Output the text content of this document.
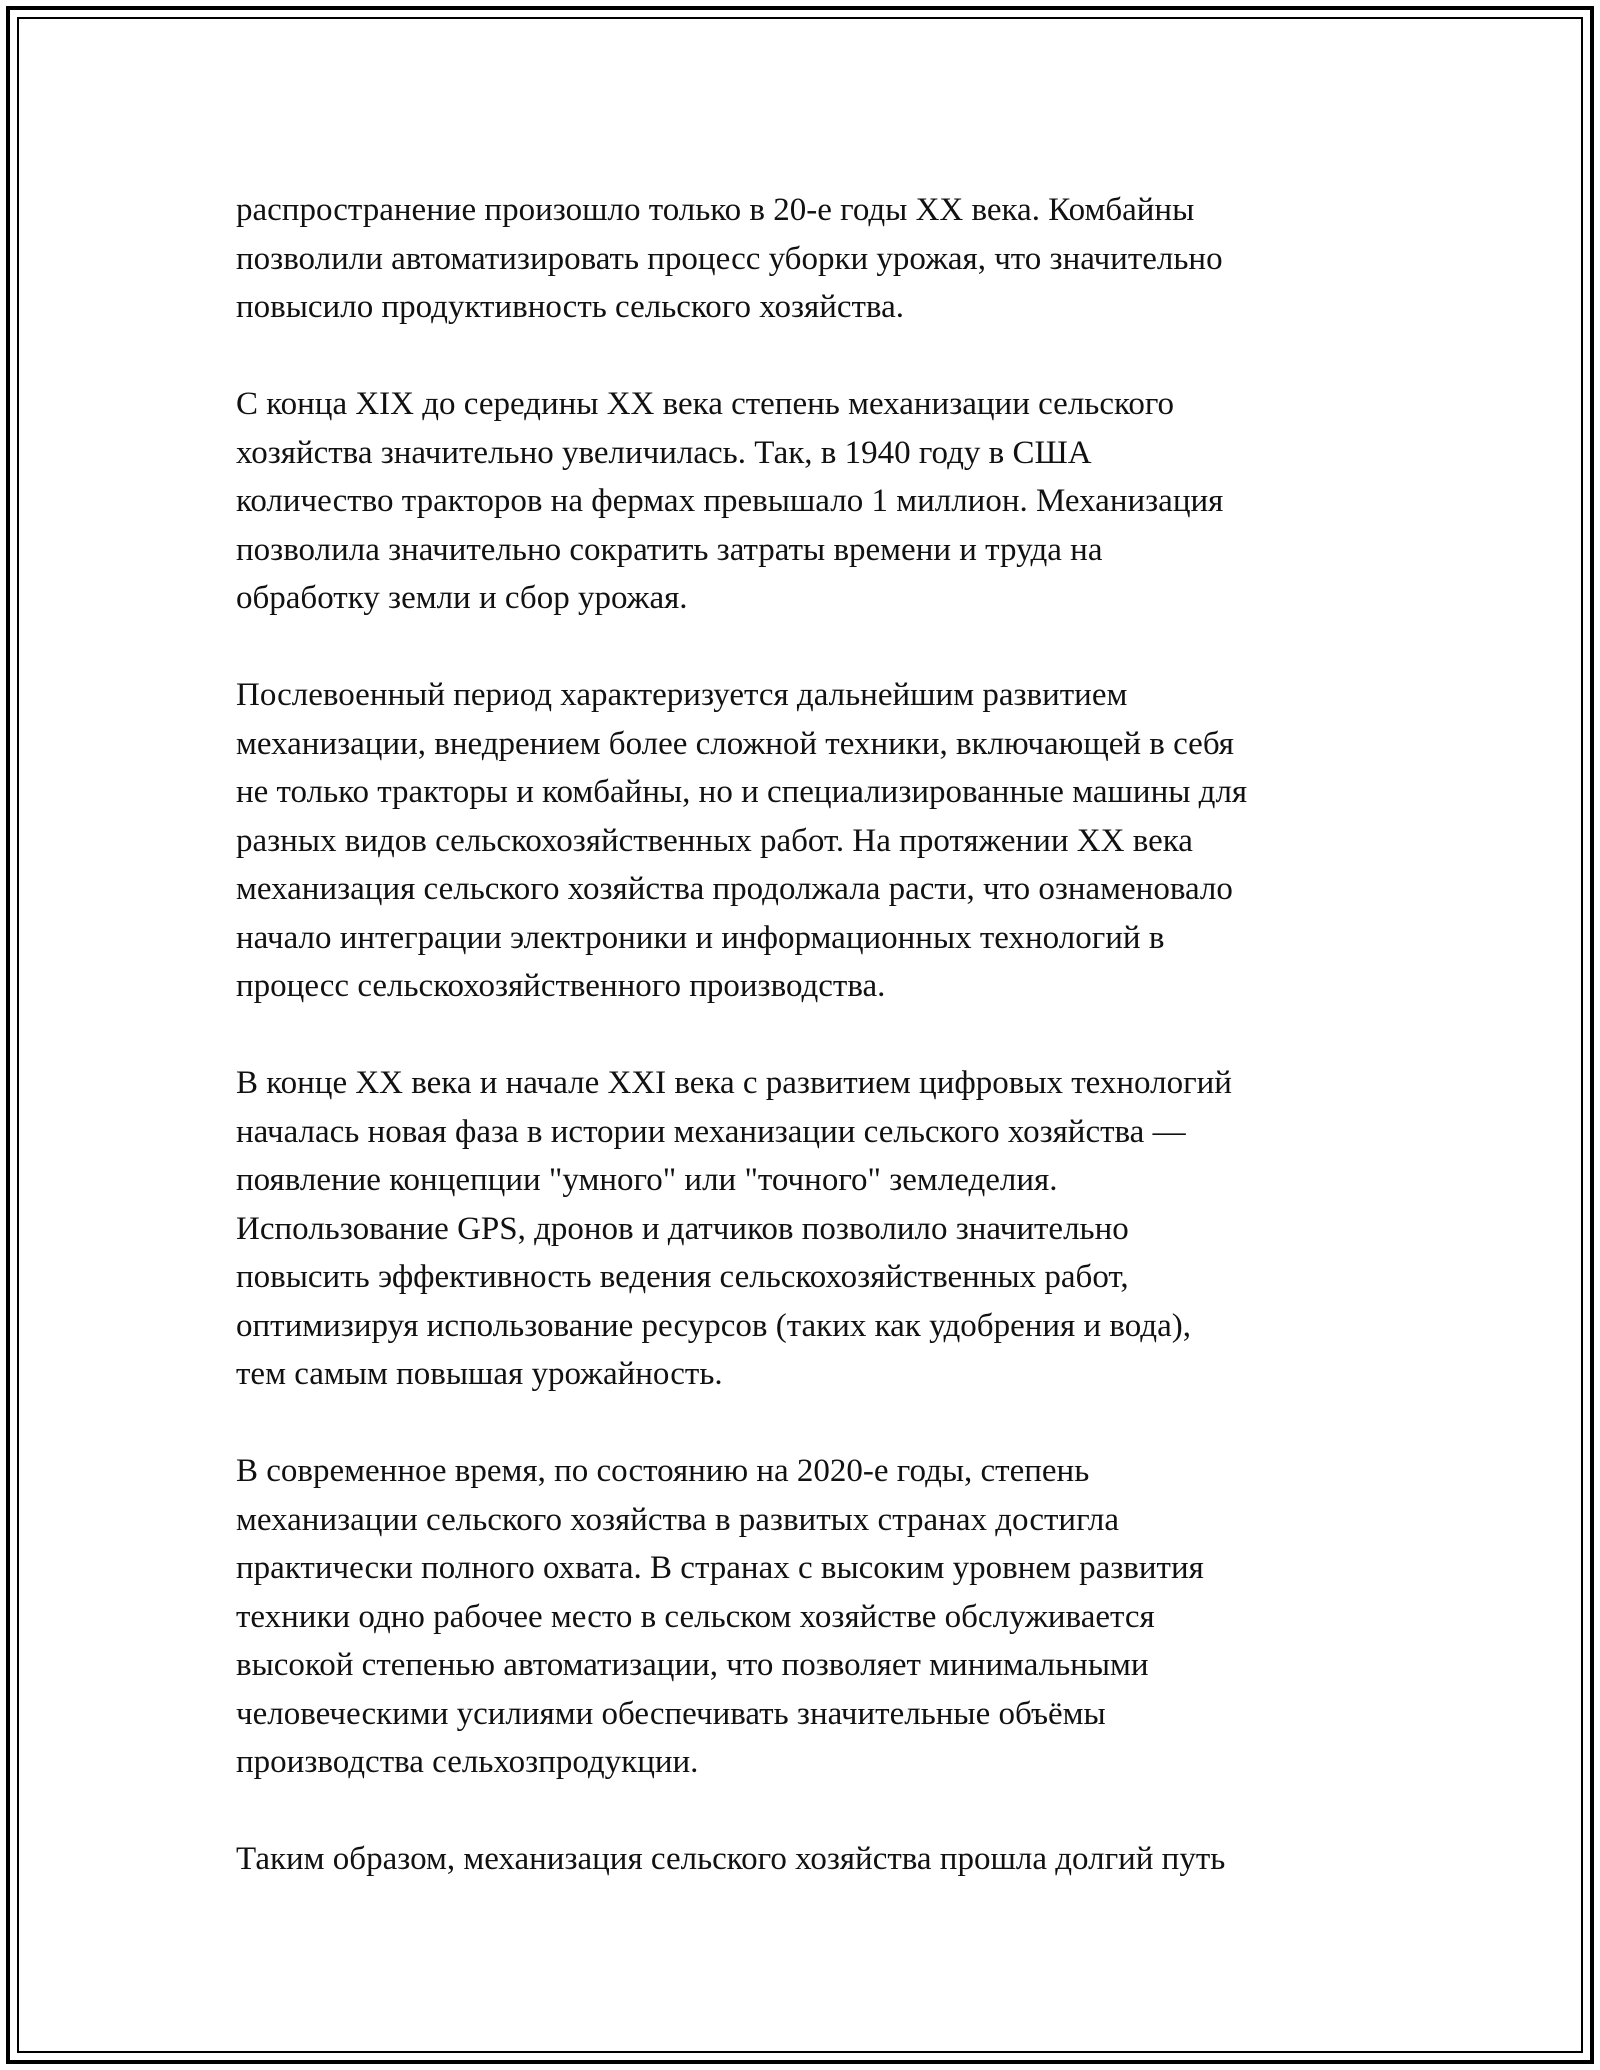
распространение произошло только в 20-е годы XX века. Комбайны
позволили автоматизировать процесс уборки урожая, что значительно
повысило продуктивность сельского хозяйства.

С конца XIX до середины XX века степень механизации сельского
хозяйства значительно увеличилась. Так, в 1940 году в США
количество тракторов на фермах превышало 1 миллион. Механизация
позволила значительно сократить затраты времени и труда на
обработку земли и сбор урожая.

Послевоенный период характеризуется дальнейшим развитием
механизации, внедрением более сложной техники, включающей в себя
не только тракторы и комбайны, но и специализированные машины для
разных видов сельскохозяйственных работ. На протяжении XX века
механизация сельского хозяйства продолжала расти, что ознаменовало
начало интеграции электроники и информационных технологий в
процесс сельскохозяйственного производства.

В конце XX века и начале XXI века с развитием цифровых технологий
началась новая фаза в истории механизации сельского хозяйства —
появление концепции "умного" или "точного" земледелия.
Использование GPS, дронов и датчиков позволило значительно
повысить эффективность ведения сельскохозяйственных работ,
оптимизируя использование ресурсов (таких как удобрения и вода),
тем самым повышая урожайность.

В современное время, по состоянию на 2020-е годы, степень
механизации сельского хозяйства в развитых странах достигла
практически полного охвата. В странах с высоким уровнем развития
техники одно рабочее место в сельском хозяйстве обслуживается
высокой степенью автоматизации, что позволяет минимальными
человеческими усилиями обеспечивать значительные объёмы
производства сельхозпродукции.

Таким образом, механизация сельского хозяйства прошла долгий путь
